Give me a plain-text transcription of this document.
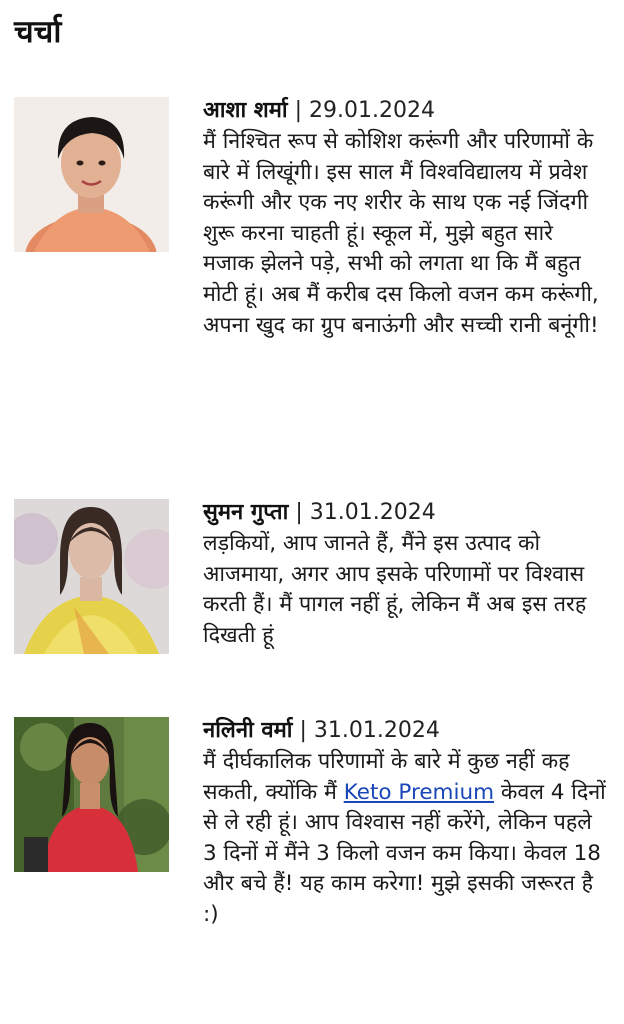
चर्चा
आशा शर्मा | 29.01.2024
मैं निश्चित रूप से कोशिश करूंगी और परिणामों के बारे में लिखूंगी। इस साल मैं विश्वविद्यालय में प्रवेश करूंगी और एक नए शरीर के साथ एक नई जिंदगी शुरू करना चाहती हूं। स्कूल में, मुझे बहुत सारे मजाक झेलने पड़े, सभी को लगता था कि मैं बहुत मोटी हूं। अब मैं करीब दस किलो वजन कम करूंगी, अपना खुद का ग्रुप बनाऊंगी और सच्ची रानी बनूंगी!
सुमन गुप्ता | 31.01.2024
लड़कियों, आप जानते हैं, मैंने इस उत्पाद को आजमाया, अगर आप इसके परिणामों पर विश्वास करती हैं। मैं पागल नहीं हूं, लेकिन मैं अब इस तरह दिखती हूं
नलिनी वर्मा | 31.01.2024
मैं दीर्घकालिक परिणामों के बारे में कुछ नहीं कह सकती, क्योंकि मैं Keto Premium केवल 4 दिनों से ले रही हूं। आप विश्वास नहीं करेंगे, लेकिन पहले 3 दिनों में मैंने 3 किलो वजन कम किया। केवल 18 और बचे हैं! यह काम करेगा! मुझे इसकी जरूरत है :)
